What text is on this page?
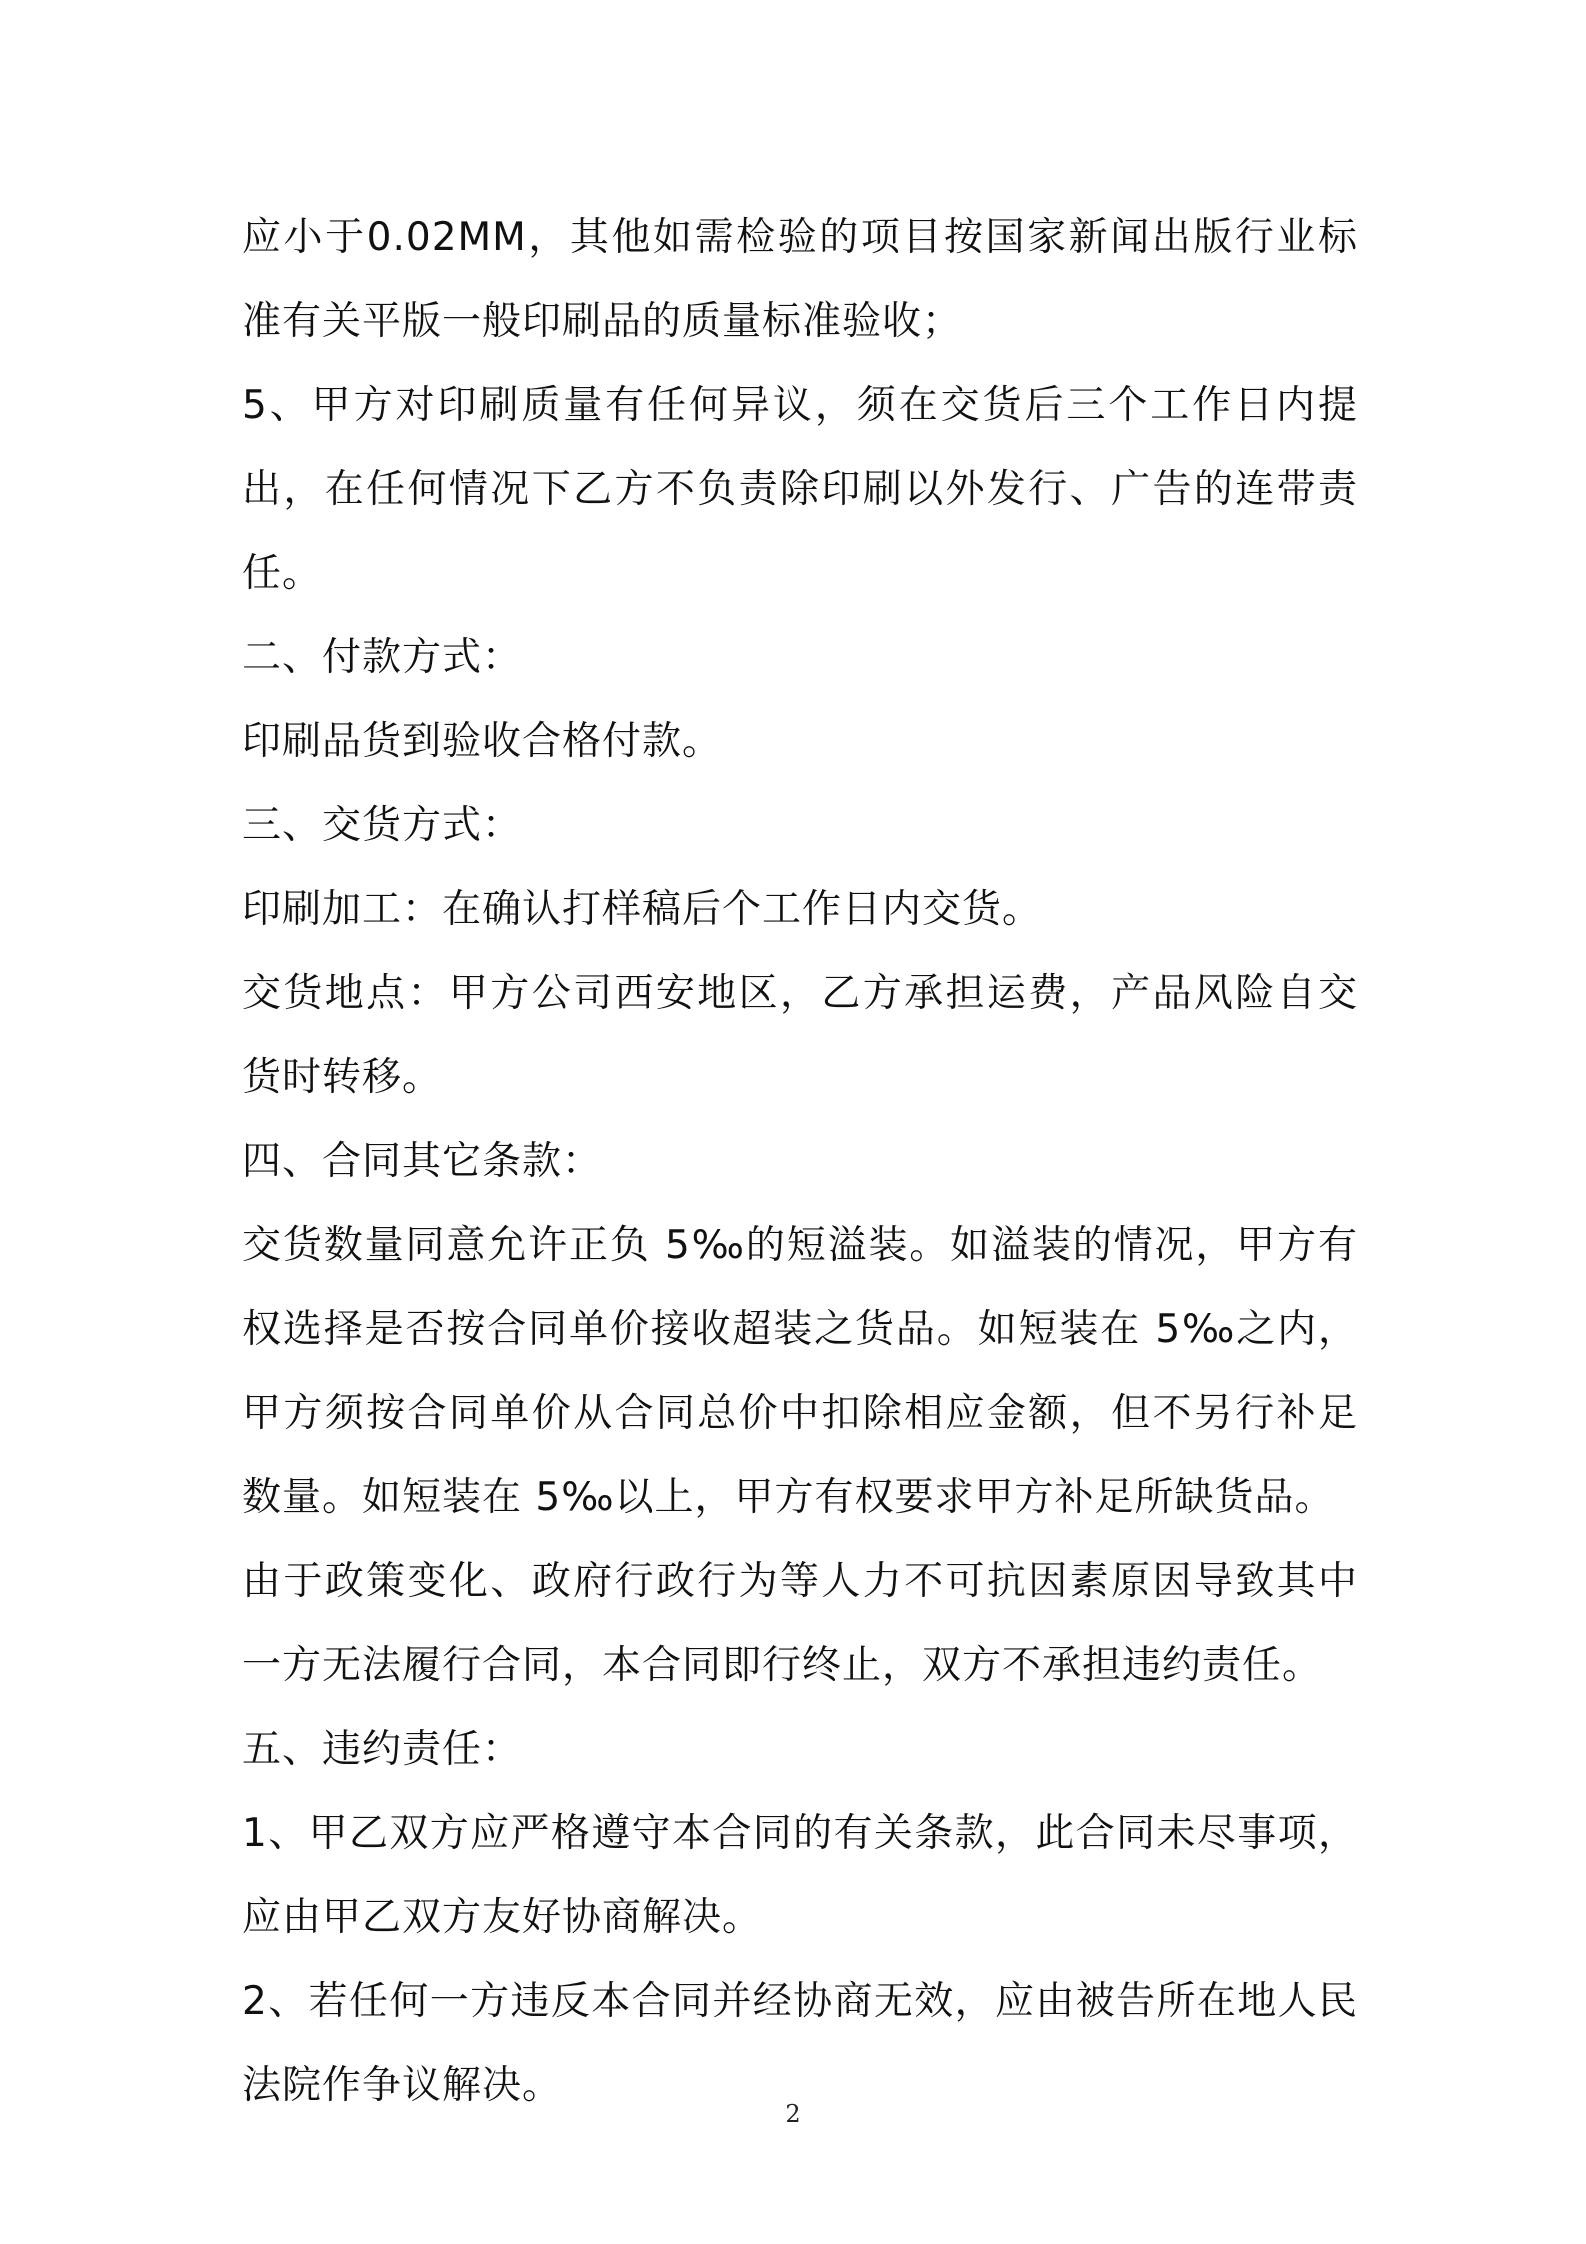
应小于0.02MM，其他如需检验的项目按国家新闻出版行业标准有关平版一般印刷品的质量标准验收；

5、甲方对印刷质量有任何异议，须在交货后三个工作日内提出，在任何情况下乙方不负责除印刷以外发行、广告的连带责任。

二、付款方式：

印刷品货到验收合格付款。

三、交货方式：

印刷加工：在确认打样稿后个工作日内交货。

交货地点：甲方公司西安地区，乙方承担运费，产品风险自交货时转移。

四、合同其它条款：

交货数量同意允许正负 5‰的短溢装。如溢装的情况，甲方有权选择是否按合同单价接收超装之货品。如短装在 5‰之内，甲方须按合同单价从合同总价中扣除相应金额，但不另行补足数量。如短装在 5‰以上，甲方有权要求甲方补足所缺货品。

由于政策变化、政府行政行为等人力不可抗因素原因导致其中一方无法履行合同，本合同即行终止，双方不承担违约责任。

五、违约责任：

1、甲乙双方应严格遵守本合同的有关条款，此合同未尽事项，应由甲乙双方友好协商解决。

2、若任何一方违反本合同并经协商无效，应由被告所在地人民法院作争议解决。

2
